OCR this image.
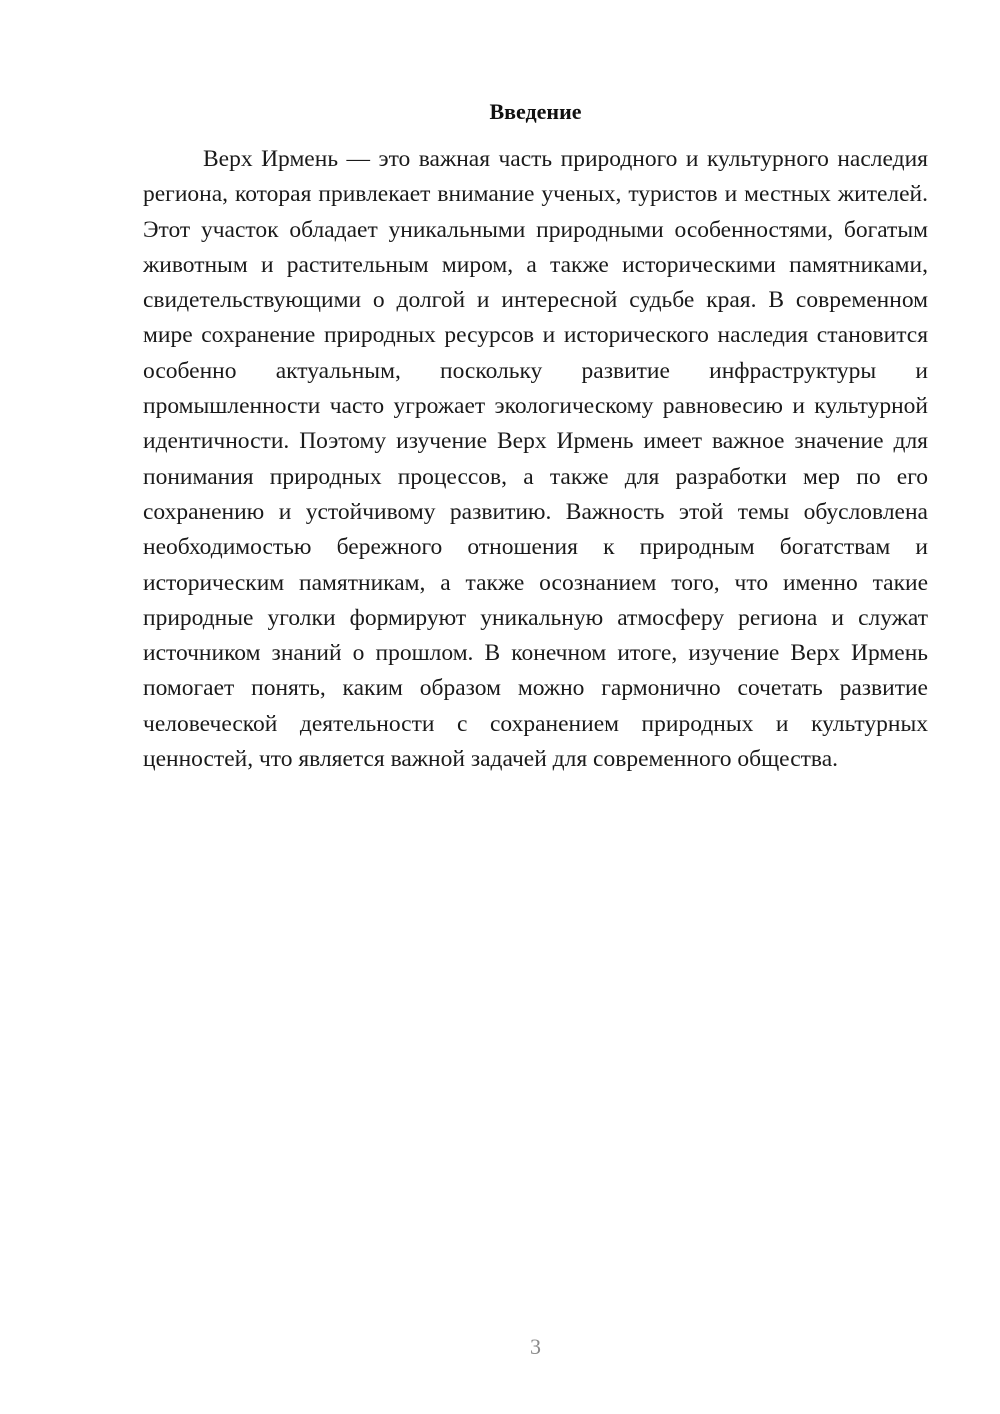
Введение

Верх Ирмень — это важная часть природного и культурного наследия региона, которая привлекает внимание ученых, туристов и местных жителей. Этот участок обладает уникальными природными особенностями, богатым животным и растительным миром, а также историческими памятниками, свидетельствующими о долгой и интересной судьбе края. В современном мире сохранение природных ресурсов и исторического наследия становится особенно актуальным, поскольку развитие инфраструктуры и промышленности часто угрожает экологическому равновесию и культурной идентичности. Поэтому изучение Верх Ирмень имеет важное значение для понимания природных процессов, а также для разработки мер по его сохранению и устойчивому развитию. Важность этой темы обусловлена необходимостью бережного отношения к природным богатствам и историческим памятникам, а также осознанием того, что именно такие природные уголки формируют уникальную атмосферу региона и служат источником знаний о прошлом. В конечном итоге, изучение Верх Ирмень помогает понять, каким образом можно гармонично сочетать развитие человеческой деятельности с сохранением природных и культурных ценностей, что является важной задачей для современного общества.

3
